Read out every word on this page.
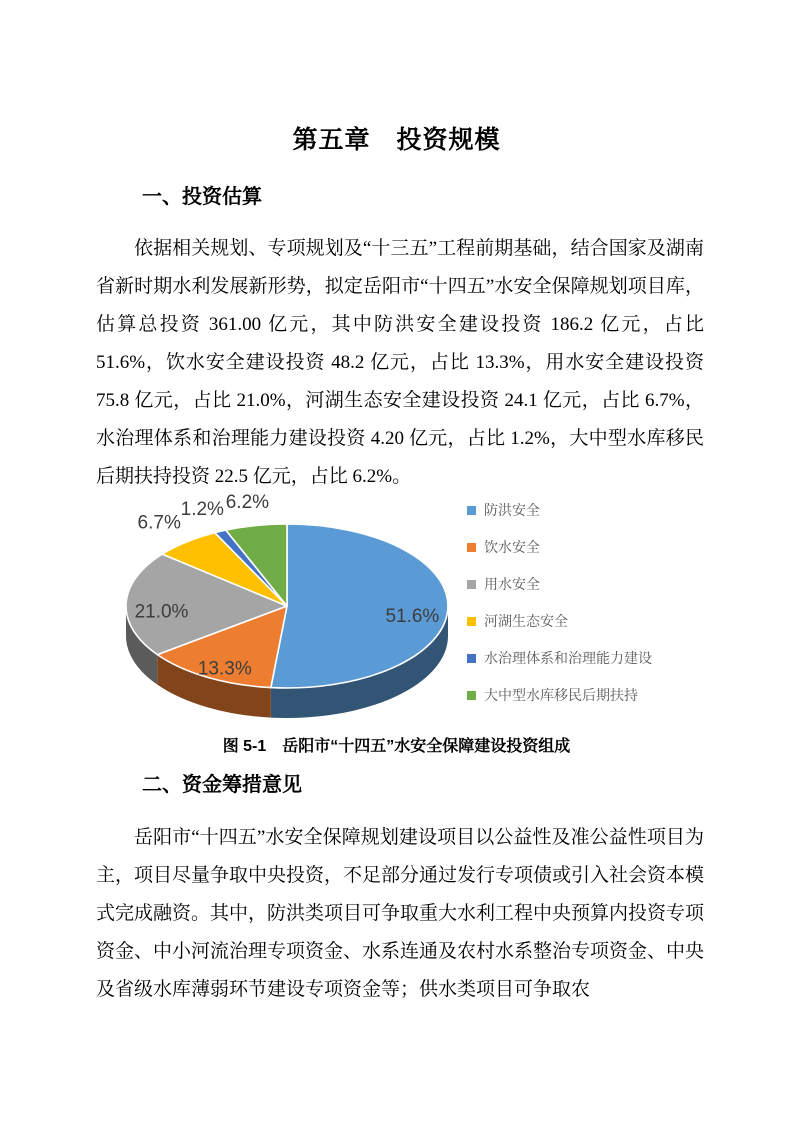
第五章　投资规模
一、投资估算

依据相关规划、专项规划及“十三五”工程前期基础，结合国家及湖南省新时期水利发展新形势，拟定岳阳市“十四五”水安全保障规划项目库，估算总投资 361.00 亿元，其中防洪安全建设投资 186.2 亿元，占比 51.6%，饮水安全建设投资 48.2 亿元，占比 13.3%，用水安全建设投资 75.8 亿元，占比 21.0%，河湖生态安全建设投资 24.1 亿元，占比 6.7%，水治理体系和治理能力建设投资 4.20 亿元，占比 1.2%，大中型水库移民后期扶持投资 22.5 亿元，占比 6.2%。

51.6%
13.3%
21.0%
6.7%
1.2% 6.2%	防洪安全
饮水安全
用水安全
河湖生态安全
水治理体系和治理能力建设
大中型水库移民后期扶持
图 5-1　岳阳市“十四五”水安全保障建设投资组成
二、资金筹措意见

岳阳市“十四五”水安全保障规划建设项目以公益性及准公益性项目为主，项目尽量争取中央投资，不足部分通过发行专项债或引入社会资本模式完成融资。其中，防洪类项目可争取重大水利工程中央预算内投资专项资金、中小河流治理专项资金、水系连通及农村水系整治专项资金、中央及省级水库薄弱环节建设专项资金等；供水类项目可争取农
